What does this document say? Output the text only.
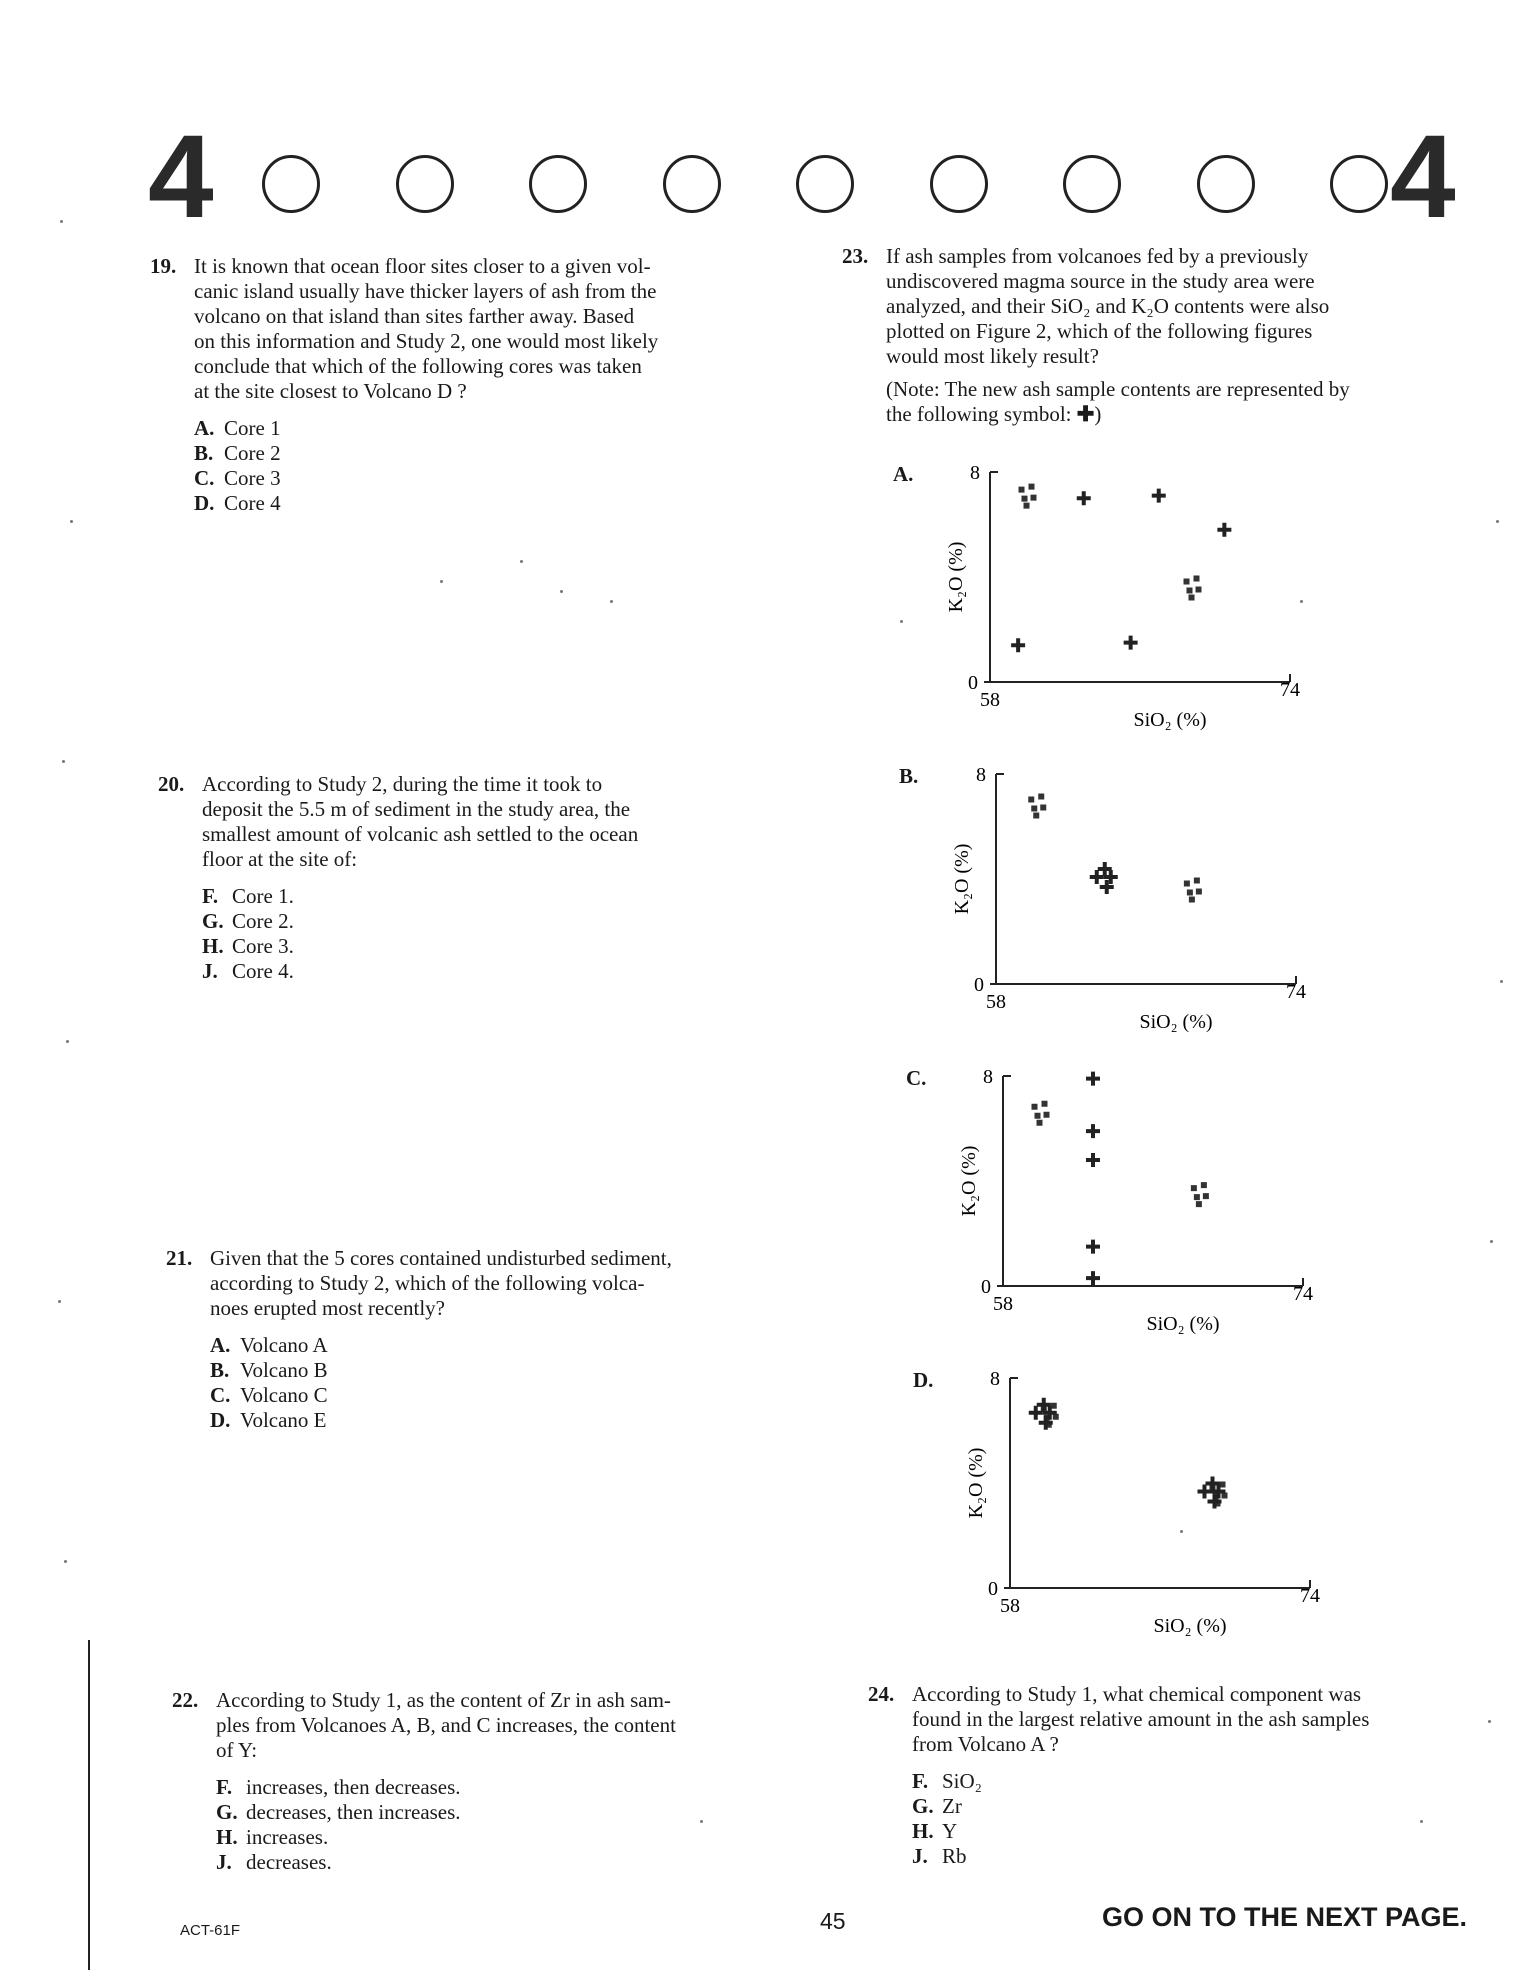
4	4
19. It is known that ocean floor sites closer to a given vol-
canic island usually have thicker layers of ash from the
volcano on that island than sites farther away. Based
on this information and Study 2, one would most likely
conclude that which of the following cores was taken
at the site closest to Volcano D ?
A. Core 1
B. Core 2
C. Core 3
D. Core 4
20. According to Study 2, during the time it took to
deposit the 5.5 m of sediment in the study area, the
smallest amount of volcanic ash settled to the ocean
floor at the site of:
F. Core 1.
G. Core 2.
H. Core 3.
J. Core 4.
21. Given that the 5 cores contained undisturbed sediment,
according to Study 2, which of the following volca-
noes erupted most recently?
A. Volcano A
B. Volcano B
C. Volcano C
D. Volcano E
22. According to Study 1, as the content of Zr in ash sam-
ples from Volcanoes A, B, and C increases, the content
of Y:
F. increases, then decreases.
G. decreases, then increases.
H. increases.
J. decreases.
23. If ash samples from volcanoes fed by a previously
undiscovered magma source in the study area were
analyzed, and their SiO₂ and K₂O contents were also
plotted on Figure 2, which of the following figures
would most likely result?
(Note: The new ash sample contents are represented by
the following symbol: ✚)
A.
0
8
58	74
SiO₂ (%)
K₂O (%)
B.
0
8
58	74
SiO₂ (%)
K₂O (%)
C.
0
8
58	74
SiO₂ (%)
K₂O (%)
D.
0
8
58	74
SiO₂ (%)
K₂O (%)
24. According to Study 1, what chemical component was
found in the largest relative amount in the ash samples
from Volcano A ?
F. SiO₂
G. Zr
H. Y
J. Rb
ACT-61F	45	GO ON TO THE NEXT PAGE.
